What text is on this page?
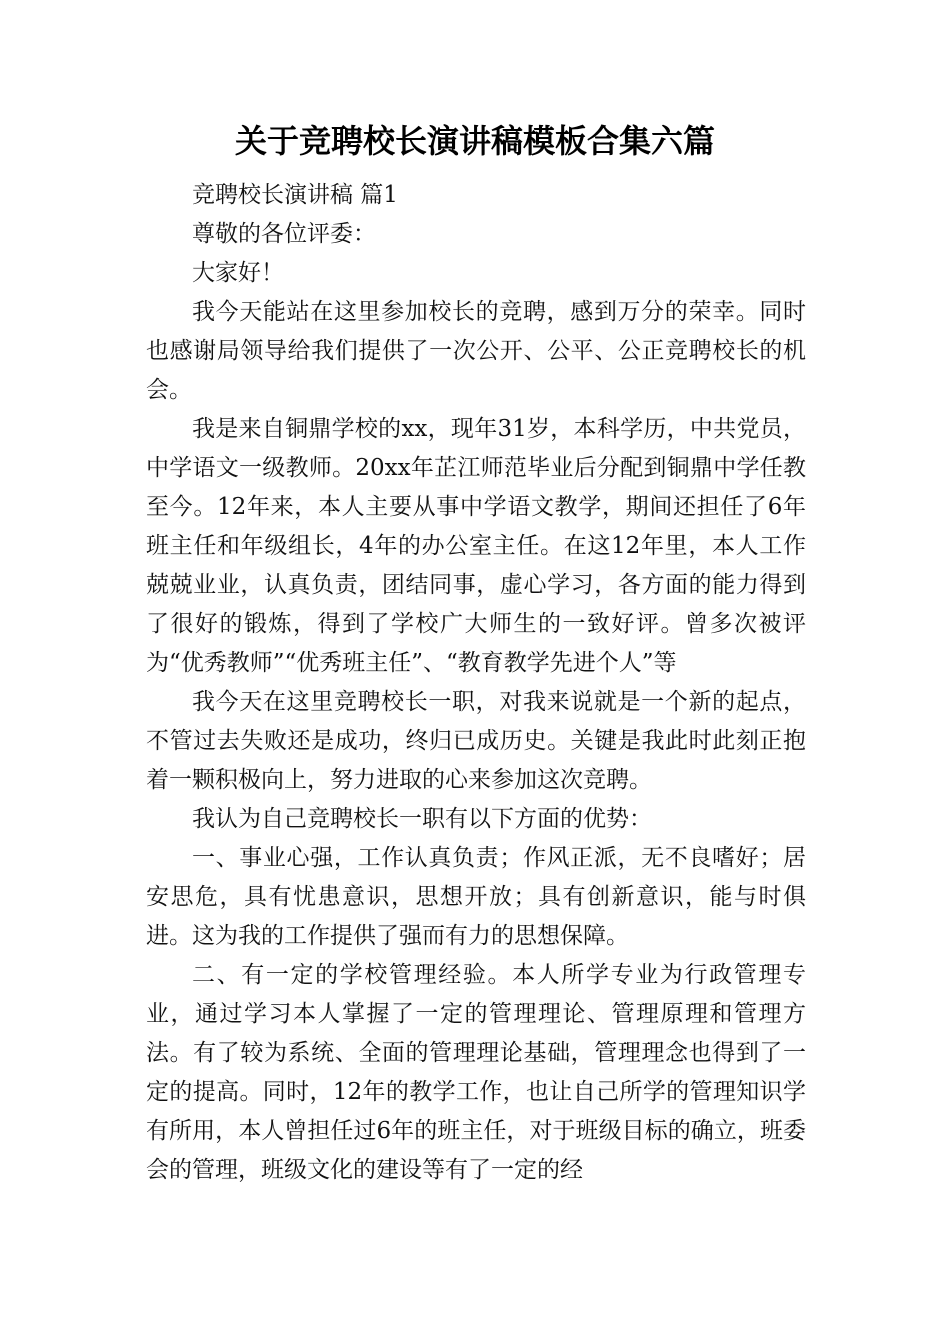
关于竞聘校长演讲稿模板合集六篇

竞聘校长演讲稿 篇1

尊敬的各位评委：

大家好！

我今天能站在这里参加校长的竞聘，感到万分的荣幸。同时也感谢局领导给我们提供了一次公开、公平、公正竞聘校长的机会。

我是来自铜鼎学校的xx，现年31岁，本科学历，中共党员，中学语文一级教师。20xx年芷江师范毕业后分配到铜鼎中学任教至今。12年来，本人主要从事中学语文教学，期间还担任了6年班主任和年级组长，4年的办公室主任。在这12年里，本人工作兢兢业业，认真负责，团结同事，虚心学习，各方面的能力得到了很好的锻炼，得到了学校广大师生的一致好评。曾多次被评为“优秀教师”“优秀班主任”、“教育教学先进个人”等

我今天在这里竞聘校长一职，对我来说就是一个新的起点，不管过去失败还是成功，终归已成历史。关键是我此时此刻正抱着一颗积极向上，努力进取的心来参加这次竞聘。

我认为自己竞聘校长一职有以下方面的优势：

一、事业心强，工作认真负责；作风正派，无不良嗜好；居安思危，具有忧患意识，思想开放；具有创新意识，能与时俱进。这为我的工作提供了强而有力的思想保障。

二、有一定的学校管理经验。本人所学专业为行政管理专业，通过学习本人掌握了一定的管理理论、管理原理和管理方法。有了较为系统、全面的管理理论基础，管理理念也得到了一定的提高。同时，12年的教学工作，也让自己所学的管理知识学有所用，本人曾担任过6年的班主任，对于班级目标的确立，班委会的管理，班级文化的建设等有了一定的经
